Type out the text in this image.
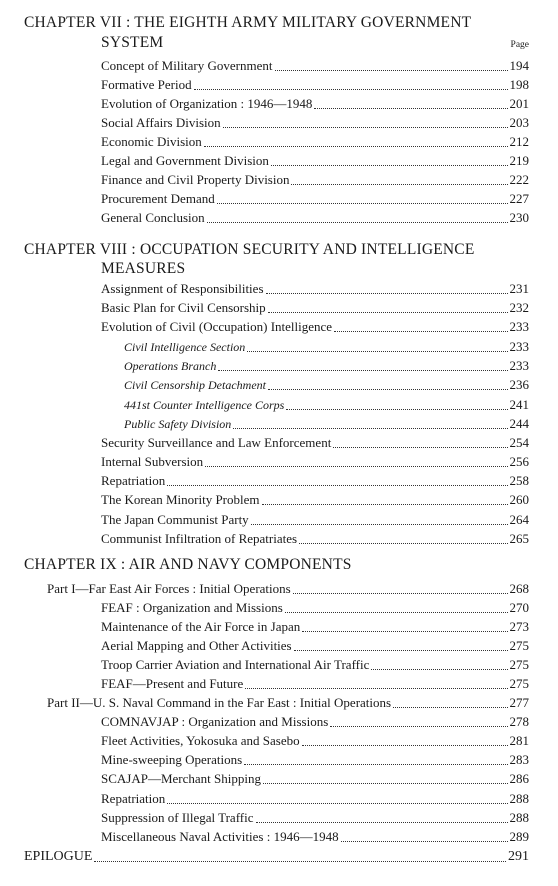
CHAPTER VII : THE EIGHTH ARMY MILITARY GOVERNMENT
SYSTEM	Page
Concept of Military Government	194
Formative Period	198
Evolution of Organization : 1946—1948	201
Social Affairs Division	203
Economic Division	212
Legal and Government Division	219
Finance and Civil Property Division	222
Procurement Demand	227
General Conclusion	230
CHAPTER VIII : OCCUPATION SECURITY AND INTELLIGENCE
MEASURES
Assignment of Responsibilities	231
Basic Plan for Civil Censorship	232
Evolution of Civil (Occupation) Intelligence	233
Civil Intelligence Section	233
Operations Branch	233
Civil Censorship Detachment	236
441st Counter Intelligence Corps	241
Public Safety Division	244
Security Surveillance and Law Enforcement	254
Internal Subversion	256
Repatriation	258
The Korean Minority Problem	260
The Japan Communist Party	264
Communist Infiltration of Repatriates	265
CHAPTER IX : AIR AND NAVY COMPONENTS
Part I— Far East Air Forces : Initial Operations	268
FEAF : Organization and Missions	270
Maintenance of the Air Force in Japan	273
Aerial Mapping and Other Activities	275
Troop Carrier Aviation and International Air Traffic	275
FEAF—Present and Future	275
Part II— U. S. Naval Command in the Far East : Initial Operations	277
COMNAVJAP : Organization and Missions	278
Fleet Activities, Yokosuka and Sasebo	281
Mine-sweeping Operations	283
SCAJAP—Merchant Shipping	286
Repatriation	288
Suppression of Illegal Traffic	288
Miscellaneous Naval Activities : 1946—1948	289
EPILOGUE	291
